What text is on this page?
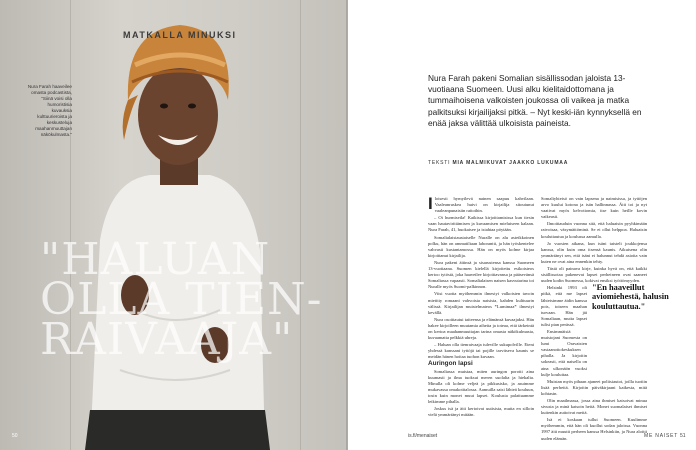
MATKALLA MINUKSI
Nura Farah haaveilee omasta podcastista, "Siinä voisi olla humoristisia kuvauksia kulttuurieroista ja keskusteluja maahanmuuttajan näkökulmasta."
"HALUAN
OLLA TIEN-
RAIVAAJA"
50
Nura Farah pakeni Somalian sisällissodan jaloista 13-vuotiaana Suomeen. Uusi alku kielitaidottomana ja tummaihoisena valkoisten joukossa oli vaikea ja matka palkitsuksi kirjailijaksi pitkä. – Nyt keski-iän kynnyksellä en enää jaksa välittää ulkoisista paineista.
TEKSTI MIA MALMIKUVAT JAAKKO LUKUMAA

Iloisesti hymyilevä nainen saapuu kahvilaan. Vaaleanruskea huivi on kirjailija sitoutunut vaaleanpunaisiin raitoihin.

– Oi hurmiseila! Kaikissa kirjoittamisissa kun tiesin vaan hautavirittämisen ja kuvaamisen mieluiseen kalaan. Nura Farah, 41, huokaisee ja istahtaa pöytään.

Somalialaistaustaiselle Nuralle on alu asteikkoinen polku, hän on ammatiltaan laborantti, ja hän työskentelee vahvasti kustantamossa. Hän on myös kolme kirjaa kirjoittanut kirjailija.

Nura pakeni äitinsä ja sisarustensa kanssa Suomeen 13-vuotiaana. Suomen kielellä kirjoitettu esikoisteos kertoo tytöstä, joka haaveilee kirjoittavansa ja pääsevänsä Somaliassa vapaasti. Somalialaisen naisen kasvutarina toi Nuralle myös Suomi-palkinnon.

Viisi vuotta myöhemmin ilmestyi valkoisten tavoin mietitty romaani vahvoista naisista, kahden kulttuurin välissä. Kirjailijan muistelmateos *Lumimaa* ilmestyi kevällä.

Nura osoittautui taiteensa ja elämänsä kuvaajaksi. Hän hakee kirjoilleen muutamia aiheita ja toteaa, että tärkeintä on kertoa maahanmuuttajan tarina omasta näkökulmasta, kuvaamatta pelkkiä uhreja.

– Haluan olla tienraivaaja tuleville sukupolville. Eteni yhdessä kanssani tyttöjä tai pojille tarvitseva kaunis se meidän hänen hoitaa tuohon kuvaan.

Auringon lapsi

Somaliassa muistaa, miten auringon porotti aina kuumasti ja ilma tuoksui meren suolalta ja hiekalta. Minulla oli kolme veljeä ja pikkusisko, ja asuimme mukavassa omakotitalossa. Aamuilla saisi lähteä kouluun, tosin kuin monet muut lapset. Koulusta palattuamme leikimme pihalla.

Joskus isä ja äiti kertoivat uutisista, mutta en silloin vielä ymmärtänyt mitään.

Somaliyhteisö on vain lapsena ja naimisissa, ja tyttöjen arvo kuului kotona ja isän hallinnassa. Äiti toi ja nyt vaativat myös kelvottomia, itse kuin heille kovin vaikeasti.

Ilmoittauduin vuonna sitä, että haluaisin pyyhkimään raivoisaa, väsymättöminä. Se ei ollut helppoa. Haluaisin kouluttautua ja koulussa aamulla.

Jo vuosien aikana, kun isäni taisteli joukkojensa kanssa, olin kuin oma itsensä kaunis. Aikuisena olin ymmärtänyt sen, että isäni ei halunnut tehdä asioita vain kuten ne ovat aina ennenkin tehty.

Tästä oli painava kirje, kuinka hyvä on, että kaikki sisällissotaa pakenevat lapset perheineen ovat saaneet uuden kodin Suomessa, kokivat ensiksi työttömyyden.

Helsinki 1993 oli pitkä, että me lapset lähteisimme äidin kanssa pois, toiseen maahan turvaan. Hän jäi Somaliaan, mutta lapset tulisi pian perässä.

Ensimmäisiä muistojani Suomesta on lumi Oravaisten vastaanottokeskuksen pihalla. Ja kirjoitin sokeasti, että naisella on aina ulkonäön vuoksi kulje kouluttaa.

Muistan myös pihaan ajaneet poliisiautot, joilla tuotiin lisää perheitä. Kirjoitin päiväkirjaani kaikesta, mitä kohtasin.

Olin maailmassa, jossa aina ihmiset katsoivat minua sivusta ja minä katsoin heitä. Monet suomalaiset ihmiset kuitenkin auttoivat meitä.

Isä ei koskaan tullut Suomeen. Kuulimme myöhemmin, että hän oli kuollut sodan jaloissa. Vuonna 1997 äiti muutti perheen kanssa Helsinkiin, ja Nura aloitti uuden elämän.

"En haaveillut aviomiehestä, halusin kouluttautua."
is.fi/menaiset	ME NAISET 51
